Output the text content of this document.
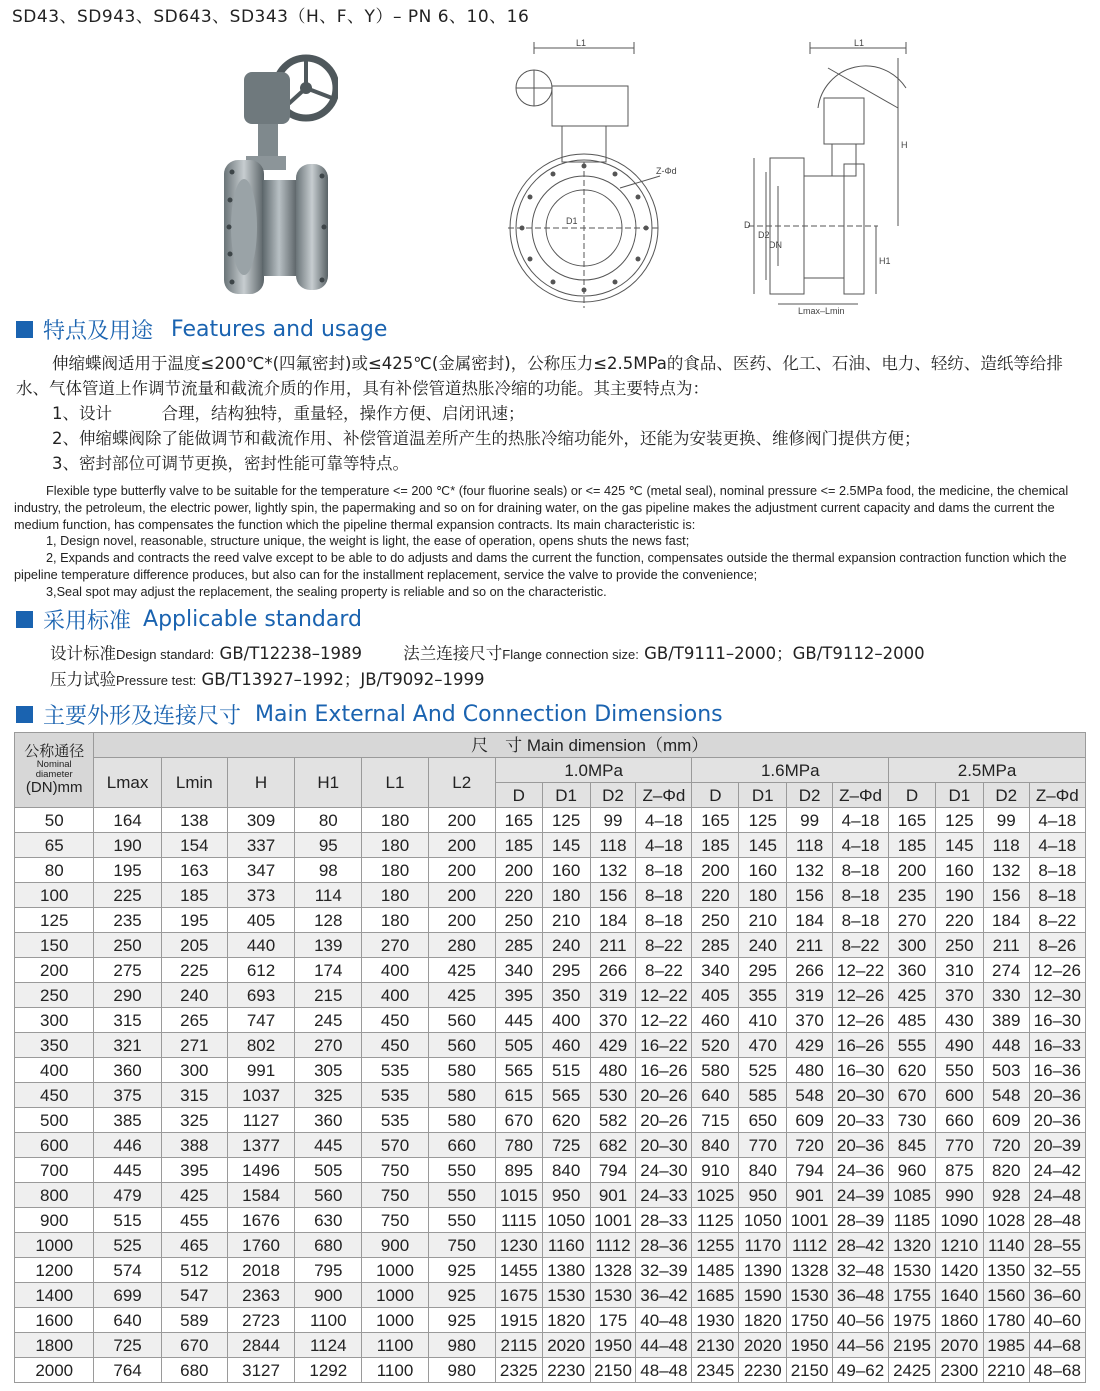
SD43、SD943、SD643、SD343（H、F、Y）– PN 6、10、16
L1
Z-Φd
D1
L1
H
H1
D
D2
DN
Lmax–Lmin
特点及用途 Features and usage
伸缩蝶阀适用于温度≤200℃*(四氟密封)或≤425℃(金属密封)，公称压力≤2.5MPa的食品、医药、化工、石油、电力、轻纺、造纸等给排水、气体管道上作调节流量和截流介质的作用，具有补偿管道热胀冷缩的功能。其主要特点为：
1、设计　　　合理，结构独特，重量轻，操作方便、启闭讯速；
2、伸缩蝶阀除了能做调节和截流作用、补偿管道温差所产生的热胀冷缩功能外，还能为安装更换、维修阀门提供方便；
3、密封部位可调节更换，密封性能可靠等特点。
Flexible type butterfly valve to be suitable for the temperature <= 200 ℃* (four fluorine seals) or <= 425 ℃ (metal seal), nominal pressure <= 2.5MPa food, the medicine, the chemical industry, the petroleum, the electric power, lightly spin, the papermaking and so on for draining water, on the gas pipeline makes the adjustment current capacity and dams the current the medium function, has compensates the function which the pipeline thermal expansion contracts. Its main characteristic is:
1, Design novel, reasonable, structure unique, the weight is light, the ease of operation, opens shuts the news fast;
2, Expands and contracts the reed valve except to be able to do adjusts and dams the current the function, compensates outside the thermal expansion contraction function which the pipeline temperature difference produces, but also can for the installment replacement, service the valve to provide the convenience;
3,Seal spot may adjust the replacement, the sealing property is reliable and so on the characteristic.
采用标准 Applicable standard
设计标准Design standard: GB/T12238–1989	法兰连接尺寸Flange connection size: GB/T9111–2000；GB/T9112–2000
压力试验Pressure test: GB/T13927–1992；JB/T9092–1999
主要外形及连接尺寸 Main External And Connection Dimensions
公称通径
Nominal
diameter
(DN)mm	尺　寸 Main dimension（mm）																	
	Lmax	Lmin	H	H1	L1	L2	1.0MPa				1.6MPa				2.5MPa			
							D	D1	D2	Z–Φd	D	D1	D2	Z–Φd	D	D1	D2	Z–Φd
50	164	138	309	80	180	200	165	125	99	4–18	165	125	99	4–18	165	125	99	4–18
65	190	154	337	95	180	200	185	145	118	4–18	185	145	118	4–18	185	145	118	4–18
80	195	163	347	98	180	200	200	160	132	8–18	200	160	132	8–18	200	160	132	8–18
100	225	185	373	114	180	200	220	180	156	8–18	220	180	156	8–18	235	190	156	8–18
125	235	195	405	128	180	200	250	210	184	8–18	250	210	184	8–18	270	220	184	8–22
150	250	205	440	139	270	280	285	240	211	8–22	285	240	211	8–22	300	250	211	8–26
200	275	225	612	174	400	425	340	295	266	8–22	340	295	266	12–22	360	310	274	12–26
250	290	240	693	215	400	425	395	350	319	12–22	405	355	319	12–26	425	370	330	12–30
300	315	265	747	245	450	560	445	400	370	12–22	460	410	370	12–26	485	430	389	16–30
350	321	271	802	270	450	560	505	460	429	16–22	520	470	429	16–26	555	490	448	16–33
400	360	300	991	305	535	580	565	515	480	16–26	580	525	480	16–30	620	550	503	16–36
450	375	315	1037	325	535	580	615	565	530	20–26	640	585	548	20–30	670	600	548	20–36
500	385	325	1127	360	535	580	670	620	582	20–26	715	650	609	20–33	730	660	609	20–36
600	446	388	1377	445	570	660	780	725	682	20–30	840	770	720	20–36	845	770	720	20–39
700	445	395	1496	505	750	550	895	840	794	24–30	910	840	794	24–36	960	875	820	24–42
800	479	425	1584	560	750	550	1015	950	901	24–33	1025	950	901	24–39	1085	990	928	24–48
900	515	455	1676	630	750	550	1115	1050	1001	28–33	1125	1050	1001	28–39	1185	1090	1028	28–48
1000	525	465	1760	680	900	750	1230	1160	1112	28–36	1255	1170	1112	28–42	1320	1210	1140	28–55
1200	574	512	2018	795	1000	925	1455	1380	1328	32–39	1485	1390	1328	32–48	1530	1420	1350	32–55
1400	699	547	2363	900	1000	925	1675	1530	1530	36–42	1685	1590	1530	36–48	1755	1640	1560	36–60
1600	640	589	2723	1100	1000	925	1915	1820	175	40–48	1930	1820	1750	40–56	1975	1860	1780	40–60
1800	725	670	2844	1124	1100	980	2115	2020	1950	44–48	2130	2020	1950	44–56	2195	2070	1985	44–68
2000	764	680	3127	1292	1100	980	2325	2230	2150	48–48	2345	2230	2150	49–62	2425	2300	2210	48–68
